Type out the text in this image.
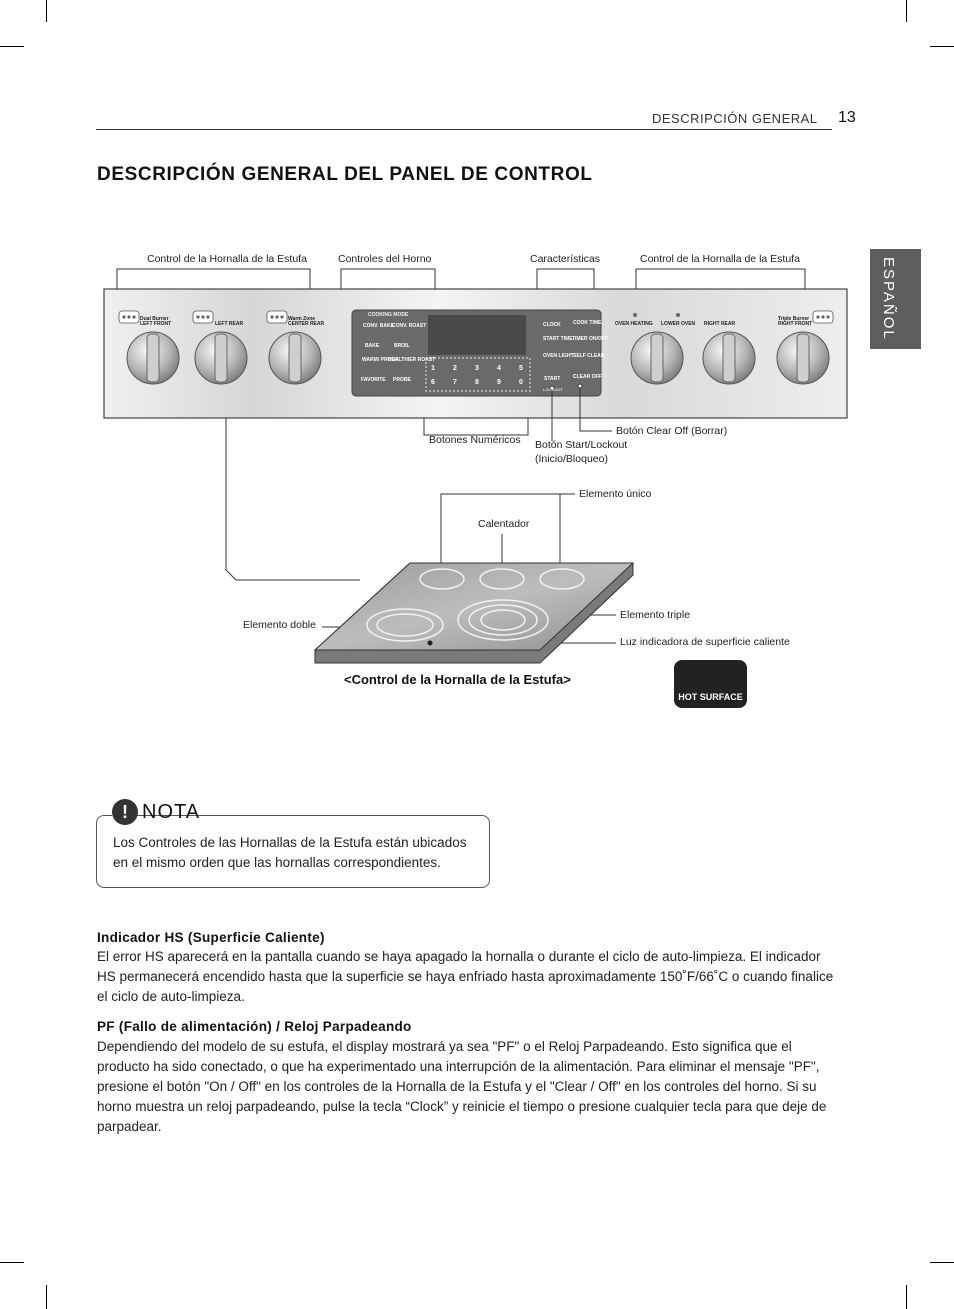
DESCRIPCIÓN GENERAL 13
ESPAÑOL
DESCRIPCIÓN GENERAL DEL PANEL DE CONTROL
Control de la Hornalla de la Estufa	Controles del Horno	Características	Control de la Hornalla de la Estufa
Dual Burner LEFT FRONT	LEFT REAR
Warm Zone CENTER REAR	OVEN HEATING LOWER OVEN RIGHT REAR
Triple Burner RIGHT FRONT
COOKING MODE
CONV. BAKE
CONV. ROAST
BAKE	BROIL
WARM/ PROOF
HEALTHIER ROAST
FAVORITE PROBE
CLOCK COOK TIME
START TIME TIMER ON/OFF
OVEN LIGHT SELF CLEAN
START	CLEAR OFF
LOCKOUT
1	2	3	4	5
6	7	8	9	0
Botones Numéricos Botón Start/Lockout
(Inicio/Bloqueo)
Botón Clear Off (Borrar)
Elemento único
Calentador
Elemento doble
Elemento triple
Luz indicadora de superficie caliente
<Control de la Hornalla de la Estufa>
HOT SURFACE
! NOTA
Los Controles de las Hornallas de la Estufa están ubicados en el mismo orden que las hornallas correspondientes.
Indicador HS (Superficie Caliente)
El error HS aparecerá en la pantalla cuando se haya apagado la hornalla o durante el ciclo de auto-limpieza. El indicador HS permanecerá encendido hasta que la superficie se haya enfriado hasta aproximadamente 150˚F/66˚C o cuando finalice el ciclo de auto-limpieza.
PF (Fallo de alimentación) / Reloj Parpadeando
Dependiendo del modelo de su estufa, el display mostrará ya sea "PF" o el Reloj Parpadeando. Esto significa que el producto ha sido conectado, o que ha experimentado una interrupción de la alimentación. Para eliminar el mensaje "PF", presione el botón "On / Off" en los controles de la Hornalla de la Estufa y el "Clear / Off" en los controles del horno. Si su horno muestra un reloj parpadeando, pulse la tecla “Clock” y reinicie el tiempo o presione cualquier tecla para que deje de parpadear.
